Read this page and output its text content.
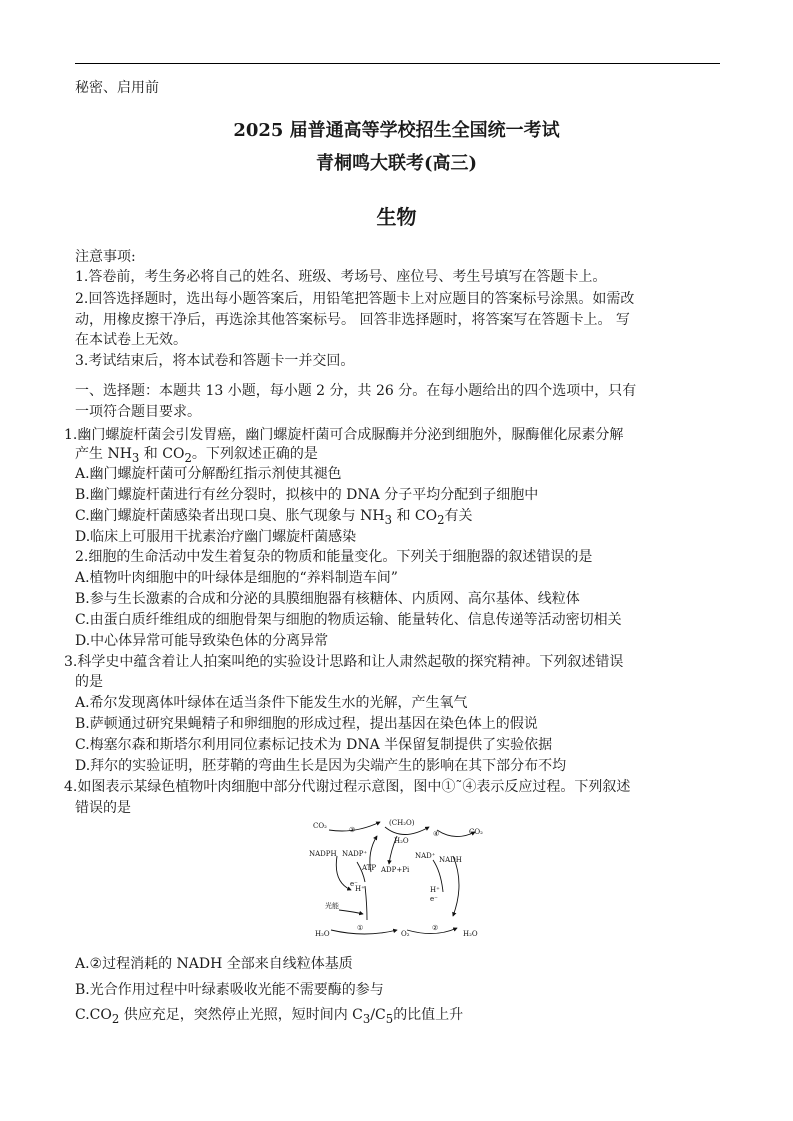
秘密、启用前
2025 届普通高等学校招生全国统一考试
青桐鸣大联考(高三)
生物
注意事项:
1.答卷前，考生务必将自己的姓名、班级、考场号、座位号、考生号填写在答题卡上。
2.回答选择题时，选出每小题答案后，用铅笔把答题卡上对应题目的答案标号涂黑。如需改
动，用橡皮擦干净后，再选涂其他答案标号。 回答非选择题时，将答案写在答题卡上。 写
在本试卷上无效。
3.考试结束后，将本试卷和答题卡一并交回。
一、选择题：本题共 13 小题，每小题 2 分，共 26 分。在每小题给出的四个选项中，只有
一项符合题目要求。
1.幽门螺旋杆菌会引发胃癌，幽门螺旋杆菌可合成脲酶并分泌到细胞外，脲酶催化尿素分解
产生 $NH_3$ 和 $CO_2$。下列叙述正确的是
A.幽门螺旋杆菌可分解酚红指示剂使其褪色
B.幽门螺旋杆菌进行有丝分裂时，拟核中的 DNA 分子平均分配到子细胞中
C.幽门螺旋杆菌感染者出现口臭、胀气现象与 $NH_3$ 和 $CO_2$有关
D.临床上可服用干扰素治疗幽门螺旋杆菌感染
2.细胞的生命活动中发生着复杂的物质和能量变化。下列关于细胞器的叙述错误的是
A.植物叶肉细胞中的叶绿体是细胞的“养料制造车间”
B.参与生长激素的合成和分泌的具膜细胞器有核糖体、内质网、高尔基体、线粒体
C.由蛋白质纤维组成的细胞骨架与细胞的物质运输、能量转化、信息传递等活动密切相关
D.中心体异常可能导致染色体的分离异常
3.科学史中蕴含着让人拍案叫绝的实验设计思路和让人肃然起敬的探究精神。下列叙述错误
的是
A.希尔发现离体叶绿体在适当条件下能发生水的光解，产生氧气
B.萨顿通过研究果蝇精子和卵细胞的形成过程，提出基因在染色体上的假说
C.梅塞尔森和斯塔尔利用同位素标记技术为 DNA 半保留复制提供了实验依据
D.拜尔的实验证明，胚芽鞘的弯曲生长是因为尖端产生的影响在其下部分布不均
4.如图表示某绿色植物叶肉细胞中部分代谢过程示意图，图中①˜④表示反应过程。下列叙述
错误的是
CO₂	③
(CH₂O)
H₂O
④	CO₂
NADPH NADP⁺
ATP ADP+Pi
NAD⁺ NADH
e⁻
H⁺	H⁺
e⁻
光能
H₂O
①
O₂
②
H₂O
A.②过程消耗的 NADH 全部来自线粒体基质
B.光合作用过程中叶绿素吸收光能不需要酶的参与
$C.CO_2$ 供应充足，突然停止光照，短时间内 $C_3/C_5$的比值上升
